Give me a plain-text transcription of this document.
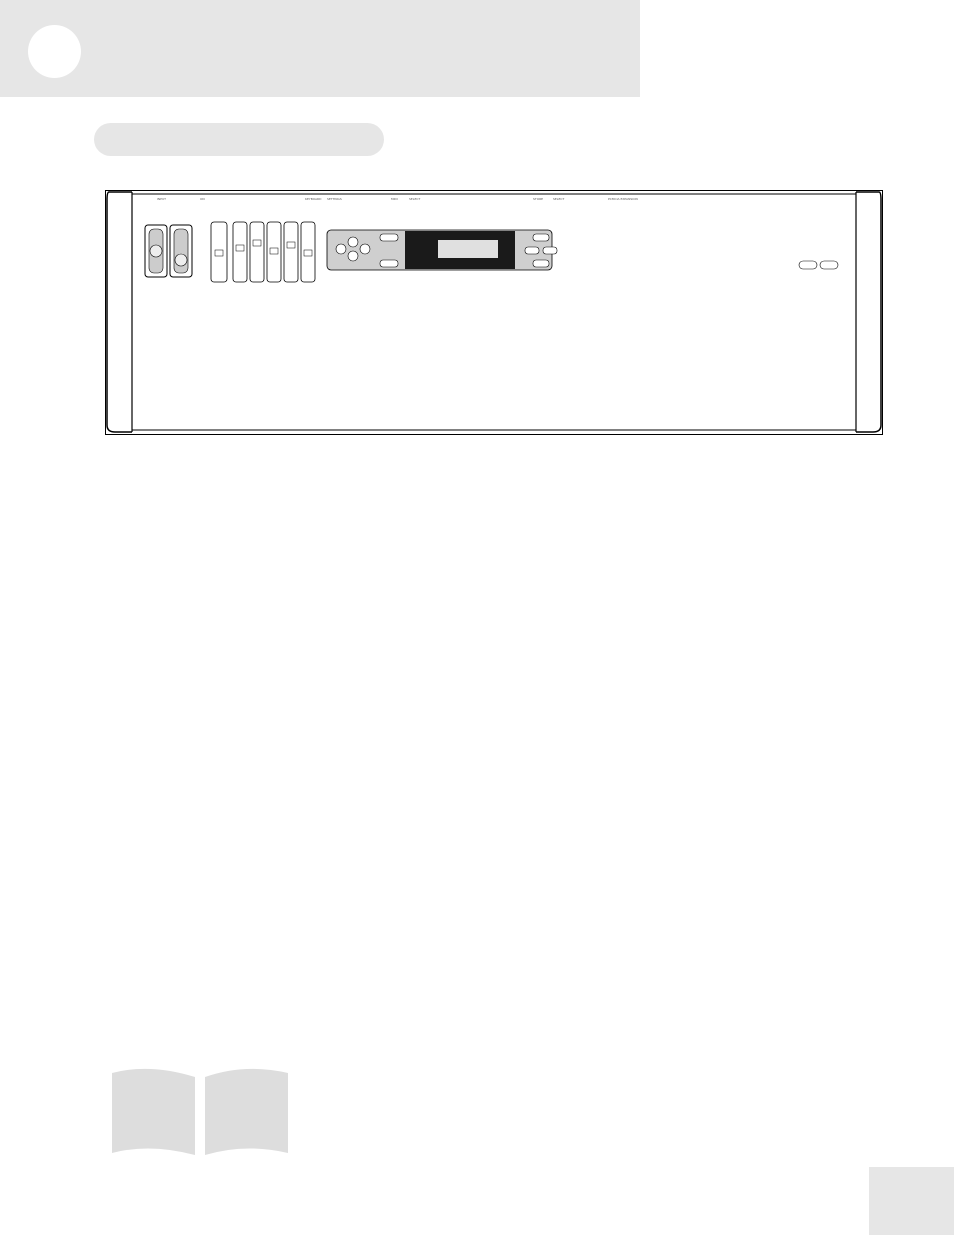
INPUT	ON	KEYBOARD SETTINGS	MIDI	SELECT	STORE	SELECT	PCMCIA EXPANSION
